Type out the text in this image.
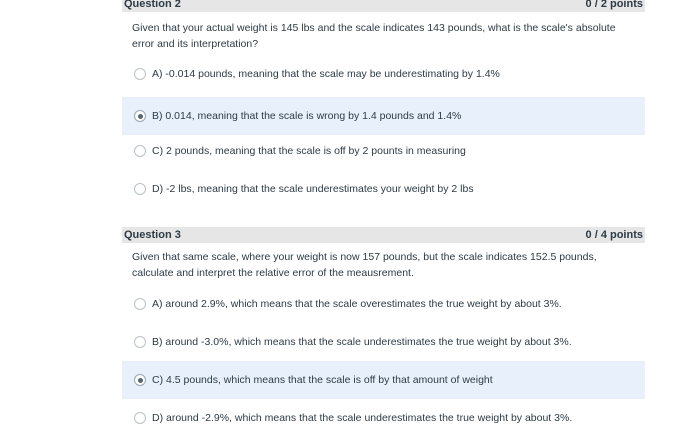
Question 2	0 / 2 points
Given that your actual weight is 145 lbs and the scale indicates 143 pounds, what is the scale's absolute error and its interpretation?
A) -0.014 pounds, meaning that the scale may be underestimating by 1.4%
B) 0.014, meaning that the scale is wrong by 1.4 pounds and 1.4%
C) 2 pounds, meaning that the scale is off by 2 pounts in measuring
D) -2 lbs, meaning that the scale underestimates your weight by 2 lbs
Question 3	0 / 4 points
Given that same scale, where your weight is now 157 pounds, but the scale indicates 152.5 pounds, calculate and interpret the relative error of the meausrement.
A) around 2.9%, which means that the scale overestimates the true weight by about 3%.
B) around -3.0%, which means that the scale underestimates the true weight by about 3%.
C) 4.5 pounds, which means that the scale is off by that amount of weight
D) around -2.9%, which means that the scale underestimates the true weight by about 3%.
